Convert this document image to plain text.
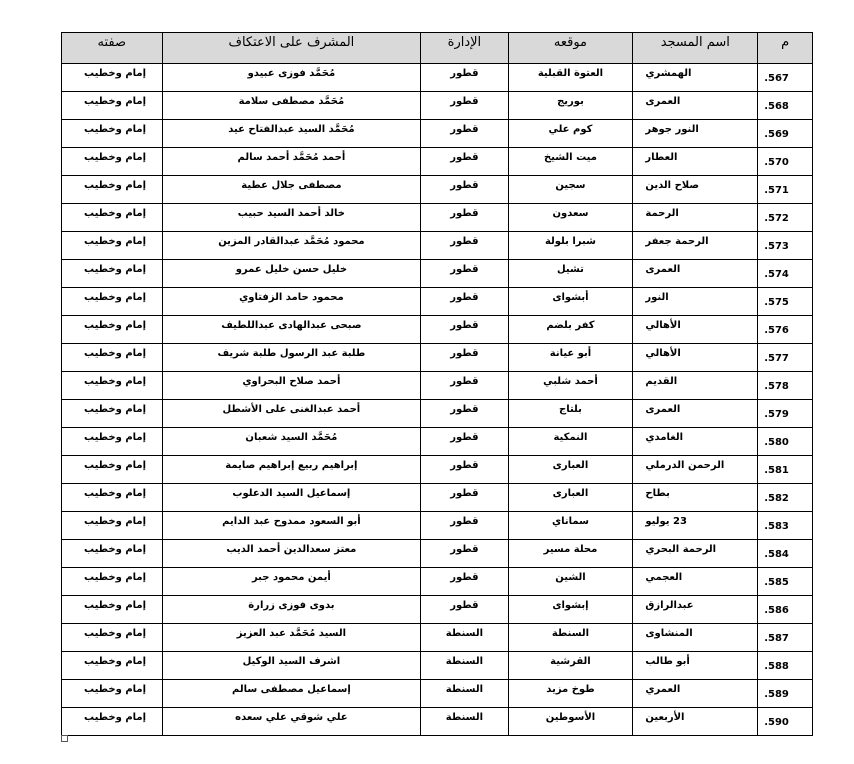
م	اسم المسجد	موقعه	الإدارة	المشرف على الاعتكاف	صفته
567.	الهمشري	العتوة القبلية	قطور	مُحَمَّد فوزى عبيدو	إمام وخطيب
568.	العمرى	بوريج	قطور	مُحَمَّد مصطفى سلامة	إمام وخطيب
569.	النور جوهر	كوم علي	قطور	مُحَمَّد السيد عبدالفتاح عيد	إمام وخطيب
570.	العطار	ميت الشيخ	قطور	أحمد مُحَمَّد أحمد سالم	إمام وخطيب
571.	صلاح الدين	سجين	قطور	مصطفى جلال عطية	إمام وخطيب
572.	الرحمة	سعدون	قطور	خالد أحمد السيد حبيب	إمام وخطيب
573.	الرحمة جعفر	شبرا بلولة	قطور	محمود مُحَمَّد عبدالقادر المزين	إمام وخطيب
574.	العمرى	تشيل	قطور	خليل حسن خليل عمرو	إمام وخطيب
575.	النور	أبشواى	قطور	محمود حامد الزفتاوي	إمام وخطيب
576.	الأهالي	كفر بلضم	قطور	صبحى عبدالهادى عبداللطيف	إمام وخطيب
577.	الأهالي	أبو عيانة	قطور	طلبة عبد الرسول طلبة شريف	إمام وخطيب
578.	القديم	أحمد شلبي	قطور	أحمد صلاح البحراوي	إمام وخطيب
579.	العمرى	بلتاج	قطور	أحمد عبدالغنى على الأشطل	إمام وخطيب
580.	الغامدي	النمكية	قطور	مُحَمَّد السيد شعبان	إمام وخطيب
581.	الرحمن الدرملي	العبارى	قطور	إبراهيم ربيع إبراهيم صايمة	إمام وخطيب
582.	بطاح	العبارى	قطور	إسماعيل السيد الدعلوب	إمام وخطيب
583.	23 يوليو	سماناي	قطور	أبو السعود ممدوح عبد الدايم	إمام وخطيب
584.	الرحمة البحري	محلة مسير	قطور	معتز سعدالدين أحمد الديب	إمام وخطيب
585.	العجمي	الشين	قطور	أيمن محمود جبر	إمام وخطيب
586.	عبدالرازق	إبشواى	قطور	بدوى فوزى زرارة	إمام وخطيب
587.	المنشاوى	السنطة	السنطة	السيد مُحَمَّد عبد العزيز	إمام وخطيب
588.	أبو طالب	القرشية	السنطة	اشرف السيد الوكيل	إمام وخطيب
589.	العمري	طوخ مزيد	السنطة	إسماعيل مصطفى سالم	إمام وخطيب
590.	الأربعين	الأسوطين	السنطة	علي شوقي علي سعده	إمام وخطيب
